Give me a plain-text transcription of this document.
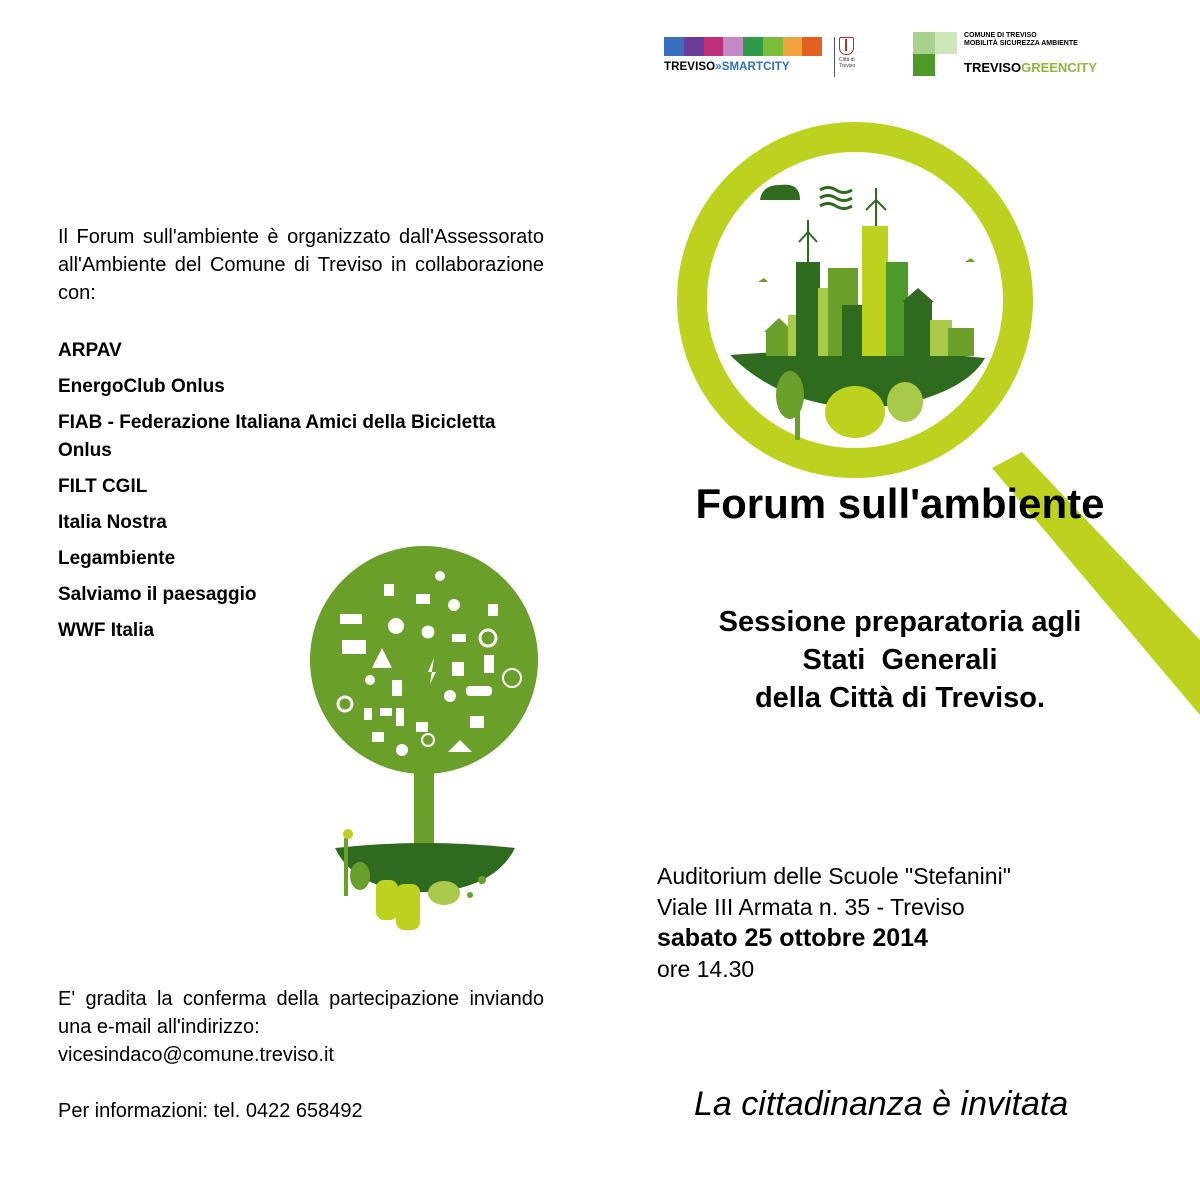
TREVISO»SMARTCITY
Città di Treviso
COMUNE DI TREVISO
MOBILITÀ SICUREZZA AMBIENTE
TREVISOGREENCITY
Il Forum sull'ambiente è organizzato dall'Assessorato all'Ambiente del Comune di Treviso in collaborazione con:
ARPAV
EnergoClub Onlus
FIAB - Federazione Italiana Amici della Bicicletta Onlus
FILT CGIL
Italia Nostra
Legambiente
Salviamo il paesaggio
WWF Italia
E' gradita la conferma della partecipazione inviando una e-mail all'indirizzo:
vicesindaco@comune.treviso.it
Per informazioni: tel. 0422 658492
Forum sull'ambiente
Sessione preparatoria agli
Stati  Generali
della Città di Treviso.
Auditorium delle Scuole "Stefanini"
Viale III Armata n. 35 - Treviso
sabato 25 ottobre 2014
ore 14.30
La cittadinanza è invitata
